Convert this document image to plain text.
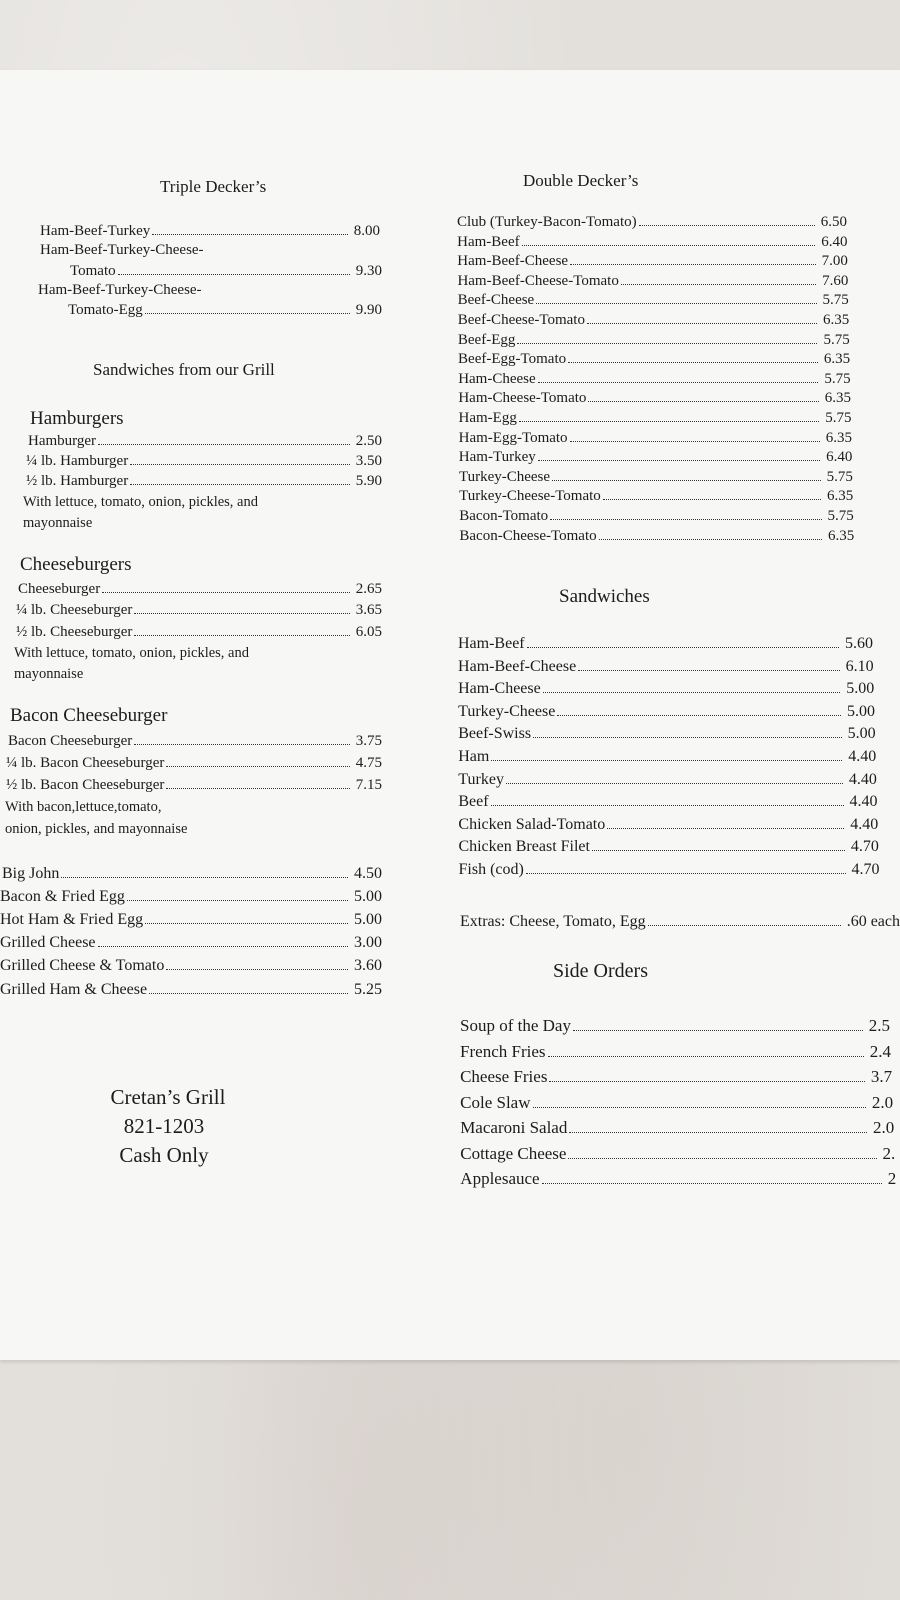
Triple Decker’s
Ham-Beef-Turkey	8.00
Ham-Beef-Turkey-Cheese-
Tomato	9.30
Ham-Beef-Turkey-Cheese-
Tomato-Egg	9.90
Sandwiches from our Grill
Hamburgers
Hamburger	2.50
¼ lb. Hamburger	3.50
½ lb. Hamburger	5.90
With lettuce, tomato, onion, pickles, and
mayonnaise
Cheeseburgers
Cheeseburger	2.65
¼ lb. Cheeseburger	3.65
½ lb. Cheeseburger	6.05
With lettuce, tomato, onion, pickles, and
mayonnaise
Bacon Cheeseburger
Bacon Cheeseburger	3.75
¼ lb. Bacon Cheeseburger	4.75
½ lb. Bacon Cheeseburger	7.15
With bacon,lettuce,tomato,
onion, pickles, and mayonnaise
Big John	4.50
Bacon & Fried Egg	5.00
Hot Ham & Fried Egg	5.00
Grilled Cheese	3.00
Grilled Cheese & Tomato	3.60
Grilled Ham & Cheese	5.25
Cretan’s Grill
821-1203
Cash Only
Double Decker’s
Club (Turkey-Bacon-Tomato)	6.50
Ham-Beef	6.40
Ham-Beef-Cheese	7.00
Ham-Beef-Cheese-Tomato	7.60
Beef-Cheese	5.75
Beef-Cheese-Tomato	6.35
Beef-Egg	5.75
Beef-Egg-Tomato	6.35
Ham-Cheese	5.75
Ham-Cheese-Tomato	6.35
Ham-Egg	5.75
Ham-Egg-Tomato	6.35
Ham-Turkey	6.40
Turkey-Cheese	5.75
Turkey-Cheese-Tomato	6.35
Bacon-Tomato	5.75
Bacon-Cheese-Tomato	6.35
Sandwiches
Ham-Beef	5.60
Ham-Beef-Cheese	6.10
Ham-Cheese	5.00
Turkey-Cheese	5.00
Beef-Swiss	5.00
Ham	4.40
Turkey	4.40
Beef	4.40
Chicken Salad-Tomato	4.40
Chicken Breast Filet	4.70
Fish (cod)	4.70
Extras: Cheese, Tomato, Egg	.60 each
Side Orders
Soup of the Day	2.5
French Fries	2.4
Cheese Fries	3.7
Cole Slaw	2.0
Macaroni Salad	2.0
Cottage Cheese	2.
Applesauce	2
